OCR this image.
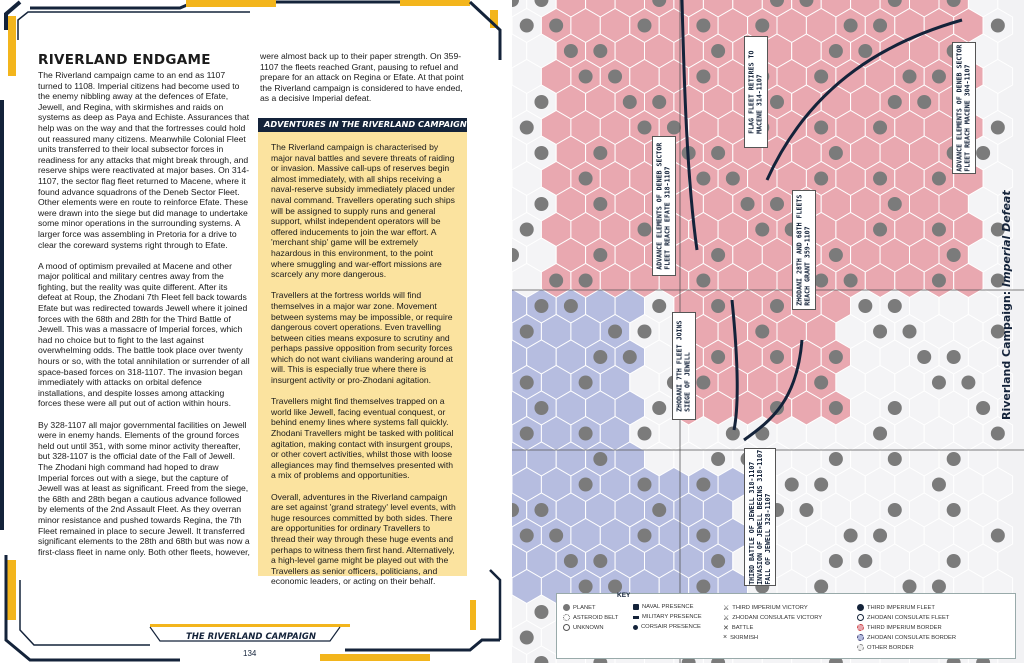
RIVERLAND ENDGAME

The Riverland campaign came to an end as 1107 turned to 1108. Imperial citizens had become used to the enemy nibbling away at the defences of Efate, Jewell, and Regina, with skirmishes and raids on systems as deep as Paya and Echiste. Assurances that help was on the way and that the fortresses could hold out reassured many citizens. Meanwhile Colonial Fleet units transferred to their local subsector forces in readiness for any attacks that might break through, and reserve ships were reactivated at major bases. On 314-1107, the sector flag fleet returned to Macene, where it found advance squadrons of the Deneb Sector Fleet. Other elements were en route to reinforce Efate. These were drawn into the siege but did manage to undertake some minor operations in the surrounding systems. A larger force was assembling in Pretoria for a drive to clear the coreward systems right through to Efate.

A mood of optimism prevailed at Macene and other major political and military centres away from the fighting, but the reality was quite different. After its defeat at Roup, the Zhodani 7th Fleet fell back towards Efate but was redirected towards Jewell where it joined forces with the 68th and 28th for the Third Battle of Jewell. This was a massacre of Imperial forces, which had no choice but to fight to the last against overwhelming odds. The battle took place over twenty hours or so, with the total annihilation or surrender of all space-based forces on 318-1107. The invasion began immediately with attacks on orbital defence installations, and despite losses among attacking forces these were all put out of action within hours.

By 328-1107 all major governmental facilities on Jewell were in enemy hands. Elements of the ground forces held out until 351, with some minor activity thereafter, but 328-1107 is the official date of the Fall of Jewell. The Zhodani high command had hoped to draw Imperial forces out with a siege, but the capture of Jewell was at least as significant. Freed from the siege, the 68th and 28th began a cautious advance followed by elements of the 2nd Assault Fleet. As they overran minor resistance and pushed towards Regina, the 7th Fleet remained in place to secure Jewell. It transferred significant elements to the 28th and 68th but was now a first-class fleet in name only. Both other fleets, however,

were almost back up to their paper strength. On 359-1107 the fleets reached Grant, pausing to refuel and prepare for an attack on Regina or Efate. At that point the Riverland campaign is considered to have ended, as a decisive Imperial defeat.

ADVENTURES IN THE RIVERLAND CAMPAIGN

The Riverland campaign is characterised by major naval battles and severe threats of raiding or invasion. Massive call-ups of reserves begin almost immediately, with all ships receiving a naval-reserve subsidy immediately placed under naval command. Travellers operating such ships will be assigned to supply runs and general support, whilst independent operators will be offered inducements to join the war effort. A 'merchant ship' game will be extremely hazardous in this environment, to the point where smuggling and war-effort missions are scarcely any more dangerous.

Travellers at the fortress worlds will find themselves in a major war zone. Movement between systems may be impossible, or require dangerous covert operations. Even travelling between cities means exposure to scrutiny and perhaps passive opposition from security forces which do not want civilians wandering around at will. This is especially true where there is insurgent activity or pro-Zhodani agitation.

Travellers might find themselves trapped on a world like Jewell, facing eventual conquest, or behind enemy lines where systems fall quickly. Zhodani Travellers might be tasked with political agitation, making contact with insurgent groups, or other covert activities, whilst those with loose allegiances may find themselves presented with a mix of problems and opportunities.

Overall, adventures in the Riverland campaign are set against 'grand strategy' level events, with huge resources committed by both sides. There are opportunities for ordinary Travellers to thread their way through these huge events and perhaps to witness them first hand. Alternatively, a high-level game might be played out with the Travellers as senior officers, politicians, and economic leaders, or acting on their behalf.

THE RIVERLAND CAMPAIGN
134
FLAG FLEET RETIRES TO
MACENE 314-1107
ADVANCE ELEMENTS OF DENEB SECTOR
FLEET REACH MACENE 304-1107
ADVANCE ELEMENTS OF DENEB SECTOR
FLEET REACH EFATE 318-1107
ZHODANI 28TH AND 68TH FLEETS
REACH GRANT 359-1107
ZHODANI 7TH FLEET JOINS
SIEGE OF JEWELL
THIRD BATTLE OF JEWELL 318-1107
INVASION OF JEWELL BEGINS 318-1107
FALL OF JEWELL 328-1107
Riverland Campaign: Imperial Defeat
KEY
PLANET
ASTEROID BELT
UNKNOWN
NAVAL PRESENCE
MILITARY PRESENCE
CORSAIR PRESENCE
⚔ THIRD IMPERIUM VICTORY
⚔ ZHODANI CONSULATE VICTORY
✕ BATTLE
× SKIRMISH
THIRD IMPERIUM FLEET
ZHODANI CONSULATE FLEET
THIRD IMPERIUM BORDER
ZHODANI CONSULATE BORDER
OTHER BORDER
